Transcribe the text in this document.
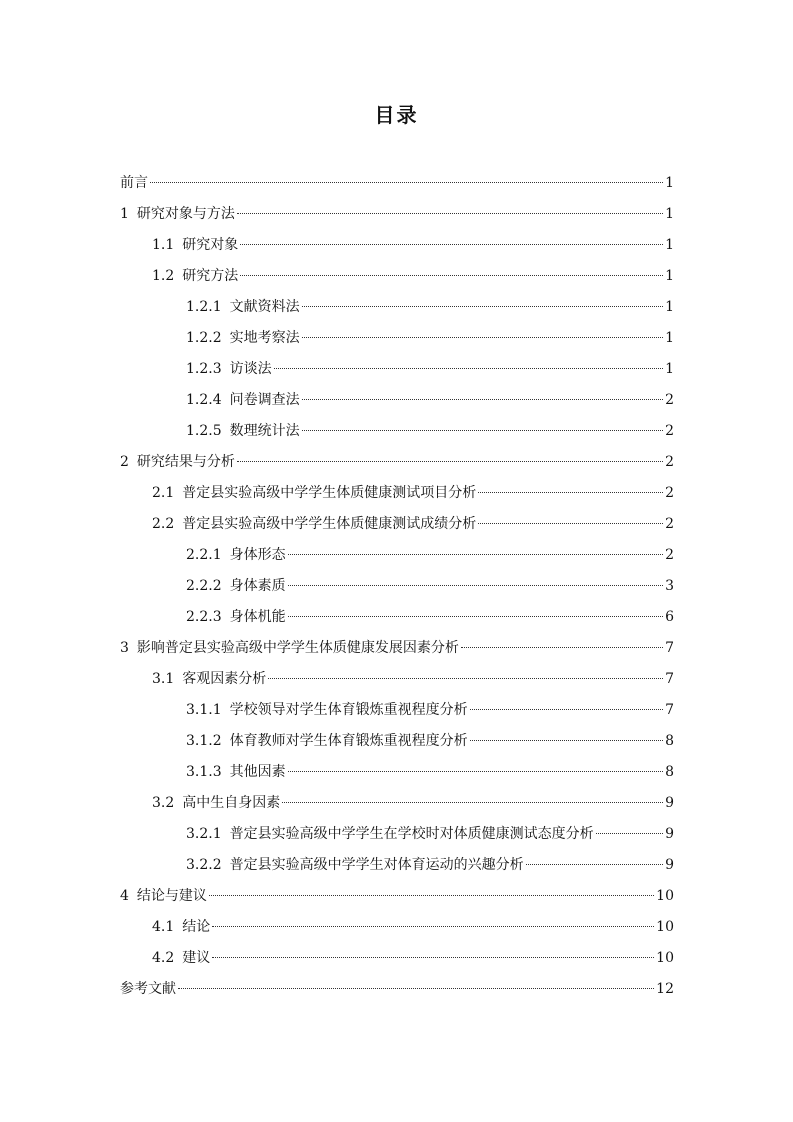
目录
前言	1
1 研究对象与方法	1
1.1 研究对象	1
1.2 研究方法	1
1.2.1 文献资料法	1
1.2.2 实地考察法	1
1.2.3 访谈法	1
1.2.4 问卷调查法	2
1.2.5 数理统计法	2
2 研究结果与分析	2
2.1 普定县实验高级中学学生体质健康测试项目分析	2
2.2 普定县实验高级中学学生体质健康测试成绩分析	2
2.2.1 身体形态	2
2.2.2 身体素质	3
2.2.3 身体机能	6
3 影响普定县实验高级中学学生体质健康发展因素分析	7
3.1 客观因素分析	7
3.1.1 学校领导对学生体育锻炼重视程度分析	7
3.1.2 体育教师对学生体育锻炼重视程度分析	8
3.1.3 其他因素	8
3.2 高中生自身因素	9
3.2.1 普定县实验高级中学学生在学校时对体质健康测试态度分析	9
3.2.2 普定县实验高级中学学生对体育运动的兴趣分析	9
4 结论与建议	10
4.1 结论	10
4.2 建议	10
参考文献	12
